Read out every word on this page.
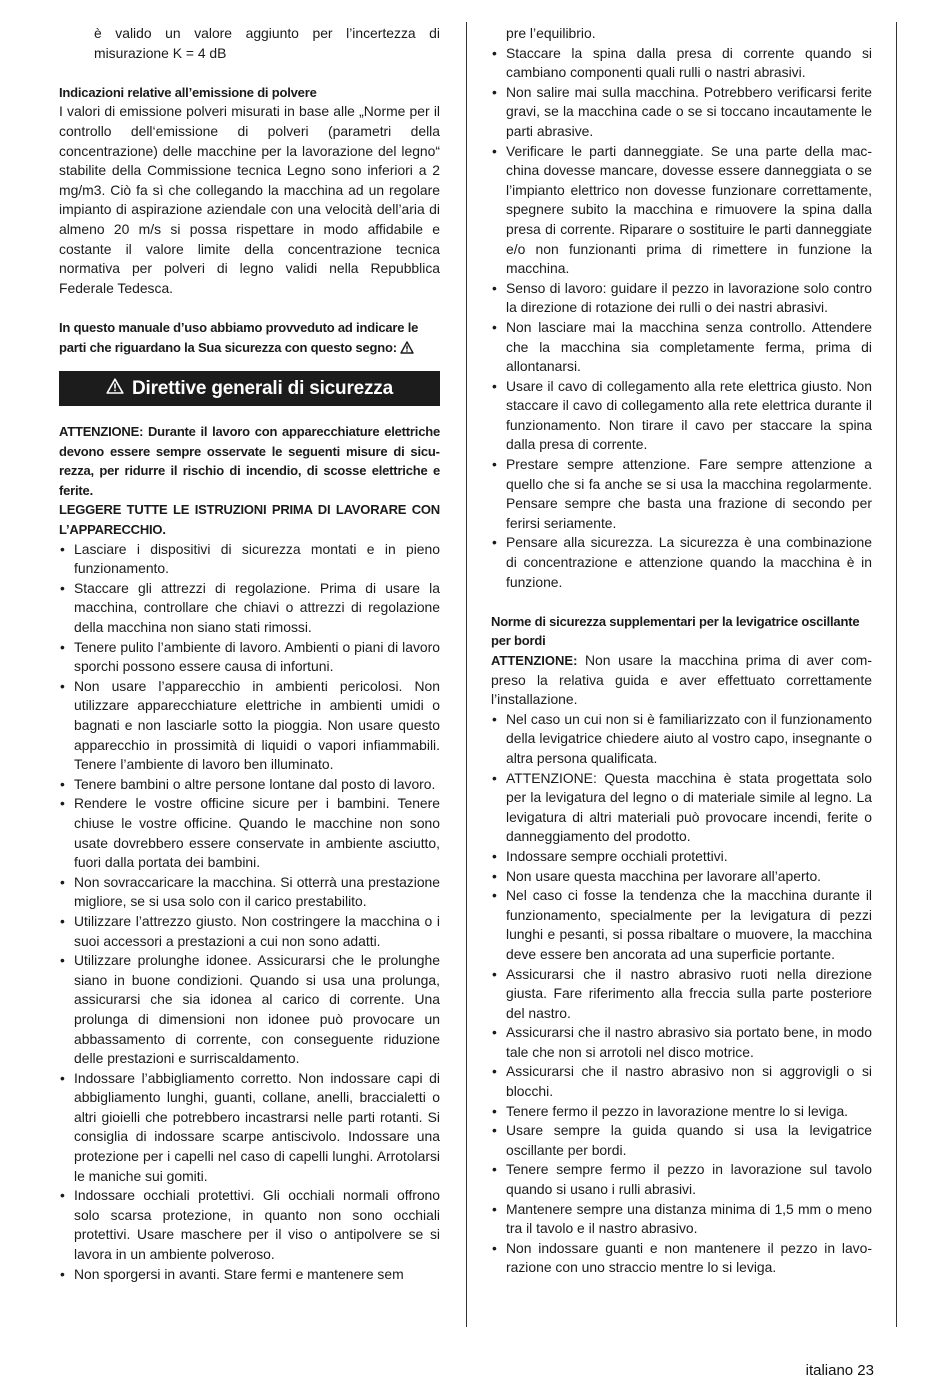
è valido un valore aggiunto per l’incertezza di misurazione K = 4 dB

Indicazioni relative all’emissione di polvere

I valori di emissione polveri misurati in base alle „Norme per il controllo dell‘emissione di polveri (parametri della concentrazione) delle macchine per la lavorazione del legno“ stabilite della Commissione tecnica Legno sono inferiori a 2 mg/m3. Ciò fa sì che collegando la macchina ad un regolare impianto di aspirazione aziendale con una velocità dell’aria di almeno 20 m/s si possa rispettare in modo affidabile e costante il valore limite della concentrazione tecnica normativa per polveri di legno validi nella Repubblica Federale Tedesca.

In questo manuale d’uso abbiamo provveduto ad indicare le parti che riguardano la Sua sicurezza con questo segno:

Direttive generali di sicurezza

ATTENZIONE: Durante il lavoro con apparecchiature elettriche devono essere sempre osservate le seguenti misure di sicurezza, per ridurre il rischio di incendio, di scosse elettriche e ferite.

LEGGERE TUTTE LE ISTRUZIONI PRIMA DI LAVORARE CON L’APPARECCHIO.

• Lasciare i dispositivi di sicurezza montati e in pieno funzionamento.
• Staccare gli attrezzi di regolazione. Prima di usare la macchina, controllare che chiavi o attrezzi di regolazione della macchina non siano stati rimossi.
• Tenere pulito l’ambiente di lavoro. Ambienti o piani di lavoro sporchi possono essere causa di infortuni.
• Non usare l’apparecchio in ambienti pericolosi. Non utilizzare apparecchiature elettriche in ambienti umidi o bagnati e non lasciarle sotto la pioggia. Non usare questo apparecchio in prossimità di liquidi o vapori infiammabili. Tenere l’ambiente di lavoro ben illuminato.
• Tenere bambini o altre persone lontane dal posto di lavoro.
• Rendere le vostre officine sicure per i bambini. Tenere chiuse le vostre officine. Quando le macchine non sono usate dovrebbero essere conservate in ambiente asciutto, fuori dalla portata dei bambini.
• Non sovraccaricare la macchina. Si otterrà una prestazione migliore, se si usa solo con il carico prestabilito.
• Utilizzare l’attrezzo giusto. Non costringere la macchina o i suoi accessori a prestazioni a cui non sono adatti.
• Utilizzare prolunghe idonee. Assicurarsi che le prolunghe siano in buone condizioni. Quando si usa una prolunga, assicurarsi che sia idonea al carico di corrente. Una prolunga di dimensioni non idonee può provocare un abbassamento di corrente, con conseguente riduzione delle prestazioni e surriscaldamento.
• Indossare l’abbigliamento corretto. Non indossare capi di abbigliamento lunghi, guanti, collane, anelli, braccialetti o altri gioielli che potrebbero incastrarsi nelle parti rotanti. Si consiglia di indossare scarpe antiscivolo. Indossare una protezione per i capelli nel caso di capelli lunghi. Arrotolarsi le maniche sui gomiti.
• Indossare occhiali protettivi. Gli occhiali normali offrono solo scarsa protezione, in quanto non sono occhiali protettivi. Usare maschere per il viso o antipolvere se si lavora in un ambiente polveroso.
• Non sporgersi in avanti. Stare fermi e mantenere sem

pre l’equilibrio.

• Staccare la spina dalla presa di corrente quando si cambiano componenti quali rulli o nastri abrasivi.
• Non salire mai sulla macchina. Potrebbero verificarsi ferite gravi, se la macchina cade o se si toccano incautamente le parti abrasive.
• Verificare le parti danneggiate. Se una parte della macchina dovesse mancare, dovesse essere danneggiata o se l’impianto elettrico non dovesse funzionare correttamente, spegnere subito la macchina e rimuovere la spina dalla presa di corrente. Riparare o sostituire le parti danneggiate e/o non funzionanti prima di rimettere in funzione la macchina.
• Senso di lavoro: guidare il pezzo in lavorazione solo contro la direzione di rotazione dei rulli o dei nastri abrasivi.
• Non lasciare mai la macchina senza controllo. Attendere che la macchina sia completamente ferma, prima di allontanarsi.
• Usare il cavo di collegamento alla rete elettrica giusto. Non staccare il cavo di collegamento alla rete elettrica durante il funzionamento. Non tirare il cavo per staccare la spina dalla presa di corrente.
• Prestare sempre attenzione. Fare sempre attenzione a quello che si fa anche se si usa la macchina regolarmente. Pensare sempre che basta una frazione di secondo per ferirsi seriamente.
• Pensare alla sicurezza. La sicurezza è una combinazione di concentrazione e attenzione quando la macchina è in funzione.

Norme di sicurezza supplementari per la levigatrice oscillante per bordi

ATTENZIONE: Non usare la macchina prima di aver compreso la relativa guida e aver effettuato correttamente l’installazione.

• Nel caso un cui non si è familiarizzato con il funzionamento della levigatrice chiedere aiuto al vostro capo, insegnante o altra persona qualificata.
• ATTENZIONE: Questa macchina è stata progettata solo per la levigatura del legno o di materiale simile al legno. La levigatura di altri materiali può provocare incendi, ferite o danneggiamento del prodotto.
• Indossare sempre occhiali protettivi.
• Non usare questa macchina per lavorare all’aperto.
• Nel caso ci fosse la tendenza che la macchina durante il funzionamento, specialmente per la levigatura di pezzi lunghi e pesanti, si possa ribaltare o muovere, la macchina deve essere ben ancorata ad una superficie portante.
• Assicurarsi che il nastro abrasivo ruoti nella direzione giusta. Fare riferimento alla freccia sulla parte posteriore del nastro.
• Assicurarsi che il nastro abrasivo sia portato bene, in modo tale che non si arrotoli nel disco motrice.
• Assicurarsi che il nastro abrasivo non si aggrovigli o si blocchi.
• Tenere fermo il pezzo in lavorazione mentre lo si leviga.
• Usare sempre la guida quando si usa la levigatrice oscillante per bordi.
• Tenere sempre fermo il pezzo in lavorazione sul tavolo quando si usano i rulli abrasivi.
• Mantenere sempre una distanza minima di 1,5 mm o meno tra il tavolo e il nastro abrasivo.
• Non indossare guanti e non mantenere il pezzo in lavorazione con uno straccio mentre lo si leviga.
italiano 23
